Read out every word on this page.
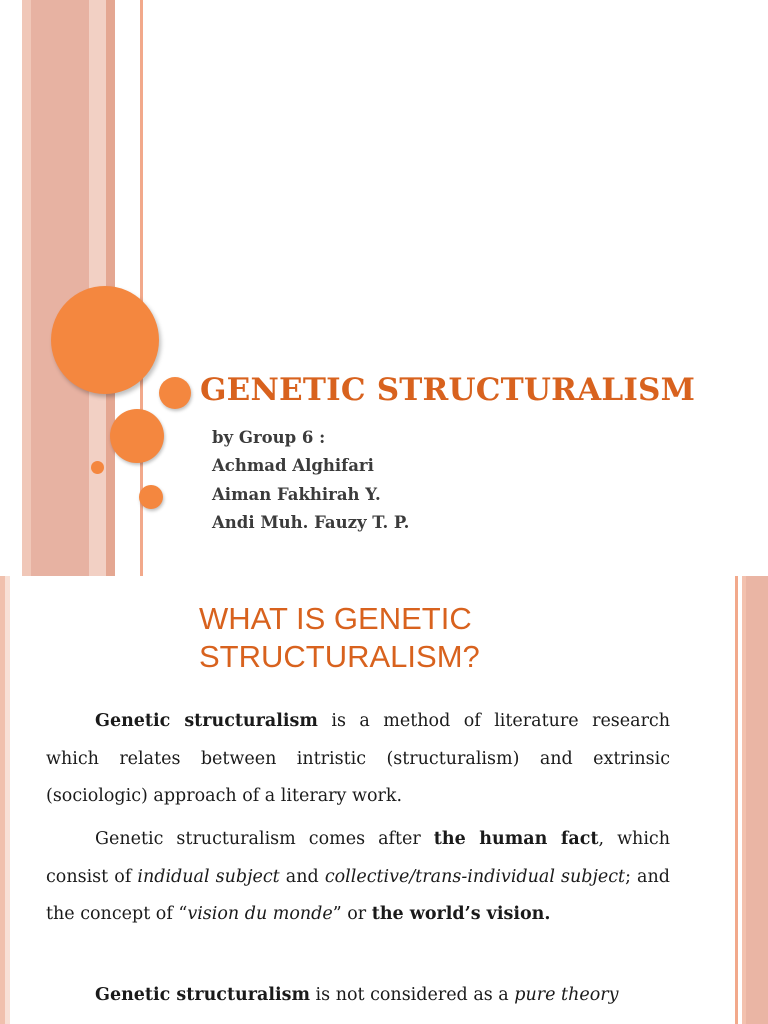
GENETIC STRUCTURALISM
by Group 6 :
Achmad Alghifari
Aiman Fakhirah Y.
Andi Muh. Fauzy T. P.
WHAT IS GENETIC
STRUCTURALISM?

Genetic structuralism is a method of literature research which relates between intristic (structuralism) and extrinsic (sociologic) approach of a literary work.

Genetic structuralism comes after the human fact, which consist of indidual subject and collective/trans-individual subject; and the concept of “vision du monde” or the world’s vision.

Genetic structuralism is not considered as a pure theory
